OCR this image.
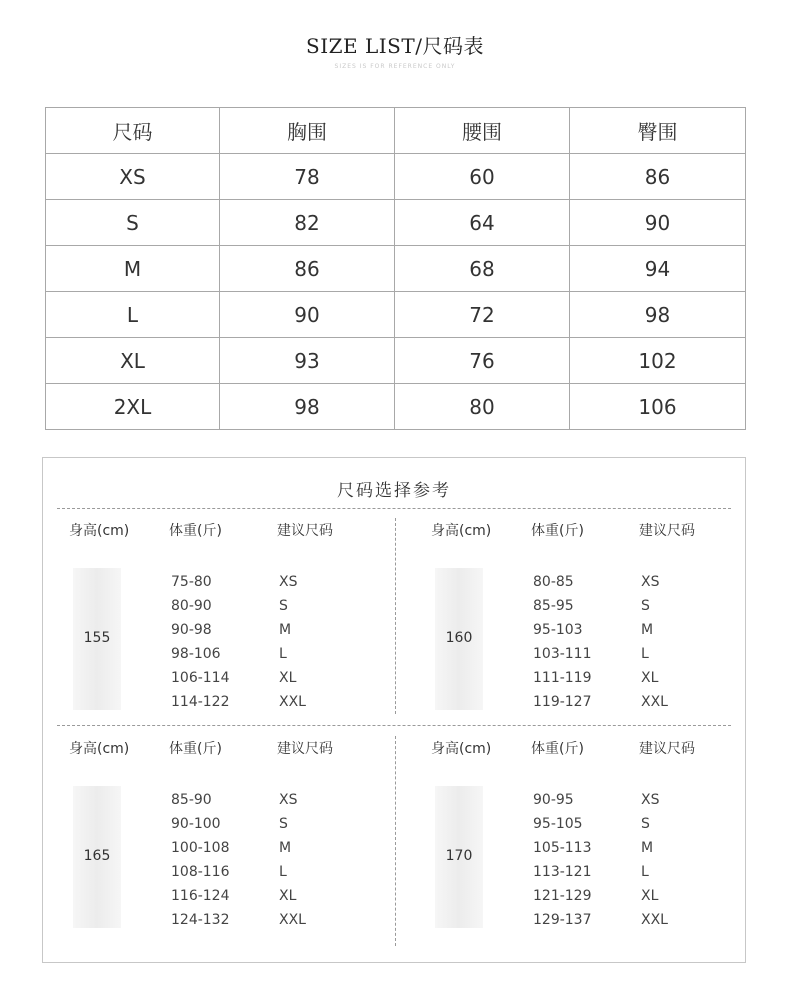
SIZE LIST/尺码表
SIZES IS FOR REFERENCE ONLY
尺码	胸围	腰围	臀围
XS	78	60	86
S	82	64	90
M	86	68	94
L	90	72	98
XL	93	76	102
2XL	98	80	106
尺码选择参考
身高(cm)	体重(斤)	建议尺码
155
75-80	XS
80-90	S
90-98	M
98-106	L
106-114	XL
114-122	XXL
身高(cm)	体重(斤)	建议尺码
160
80-85	XS
85-95	S
95-103	M
103-111	L
111-119	XL
119-127	XXL
身高(cm)	体重(斤)	建议尺码
165
85-90	XS
90-100	S
100-108	M
108-116	L
116-124	XL
124-132	XXL
身高(cm)	体重(斤)	建议尺码
170
90-95	XS
95-105	S
105-113	M
113-121	L
121-129	XL
129-137	XXL
